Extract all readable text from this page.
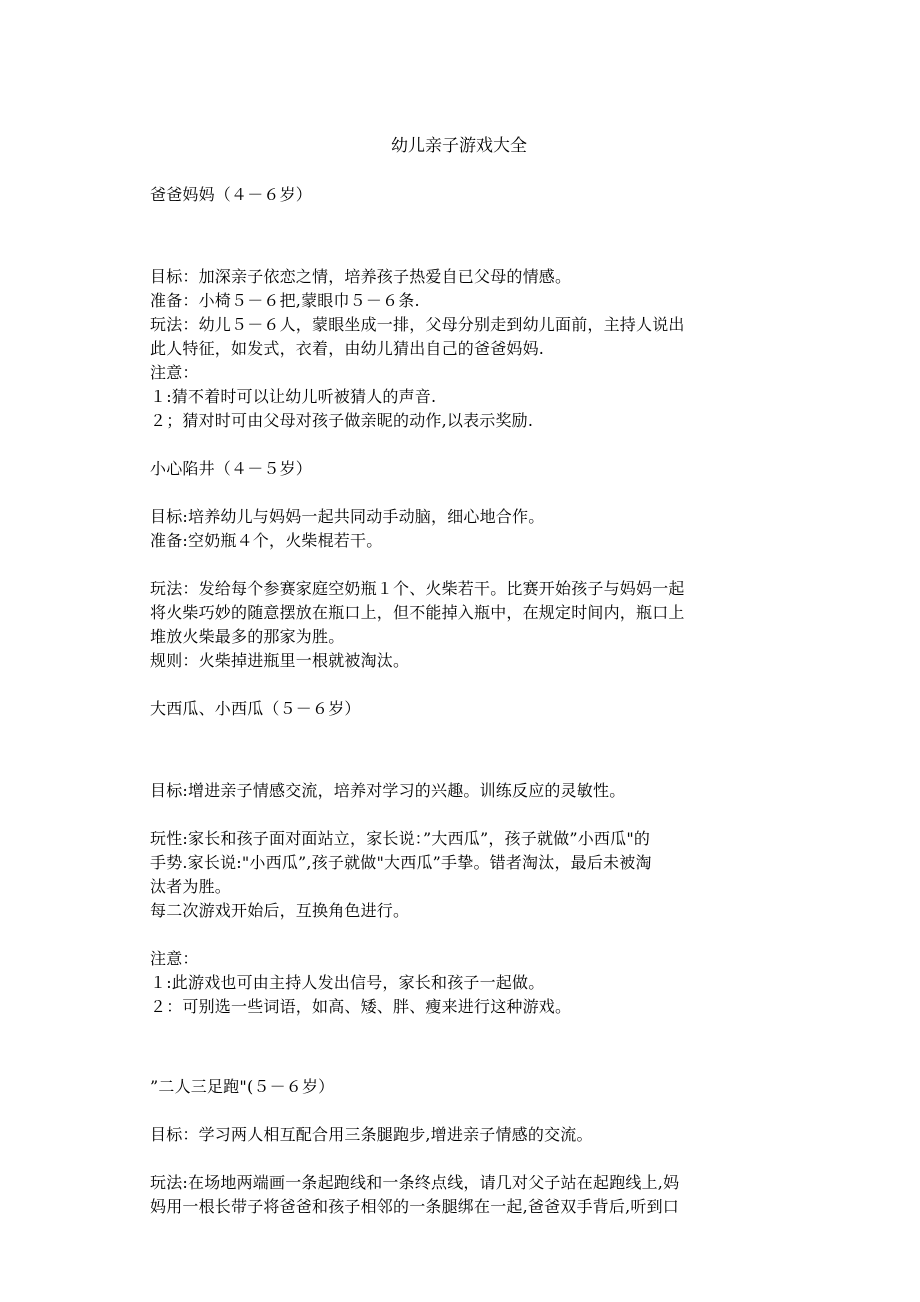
幼儿亲子游戏大全
爸爸妈妈（４－６岁）
目标：加深亲子依恋之情，培养孩子热爱自已父母的情感。
准备：小椅５－６把,蒙眼巾５－６条.
玩法：幼儿５－６人，蒙眼坐成一排，父母分别走到幼儿面前，主持人说出
此人特征，如发式，衣着，由幼儿猜出自己的爸爸妈妈.
注意：
１:猜不着时可以让幼儿听被猜人的声音.
２；猜对时可由父母对孩子做亲昵的动作,以表示奖励.
小心陷井（４－５岁）
目标:培养幼儿与妈妈一起共同动手动脑，细心地合作。
准备:空奶瓶４个，火柴棍若干。
玩法：发给每个参赛家庭空奶瓶１个、火柴若干。比赛开始孩子与妈妈一起
将火柴巧妙的随意摆放在瓶口上，但不能掉入瓶中，在规定时间内，瓶口上
堆放火柴最多的那家为胜。
规则：火柴掉进瓶里一根就被淘汰。
大西瓜、小西瓜（５－６岁）
目标:增进亲子情感交流，培养对学习的兴趣。训练反应的灵敏性。
玩性:家长和孩子面对面站立，家长说：”大西瓜”，孩子就做”小西瓜"的
手势.家长说:"小西瓜”,孩子就做"大西瓜”手挚。错者淘汰，最后未被淘
汰者为胜。
每二次游戏开始后，互换角色进行。
注意：
１:此游戏也可由主持人发出信号，家长和孩子一起做。
２：可别选一些词语，如高、矮、胖、瘦来进行这种游戏。
”二人三足跑"(５－６岁）
目标：学习两人相互配合用三条腿跑步,增进亲子情感的交流。
玩法:在场地两端画一条起跑线和一条终点线，请几对父子站在起跑线上,妈
妈用一根长带子将爸爸和孩子相邻的一条腿绑在一起,爸爸双手背后,听到口
